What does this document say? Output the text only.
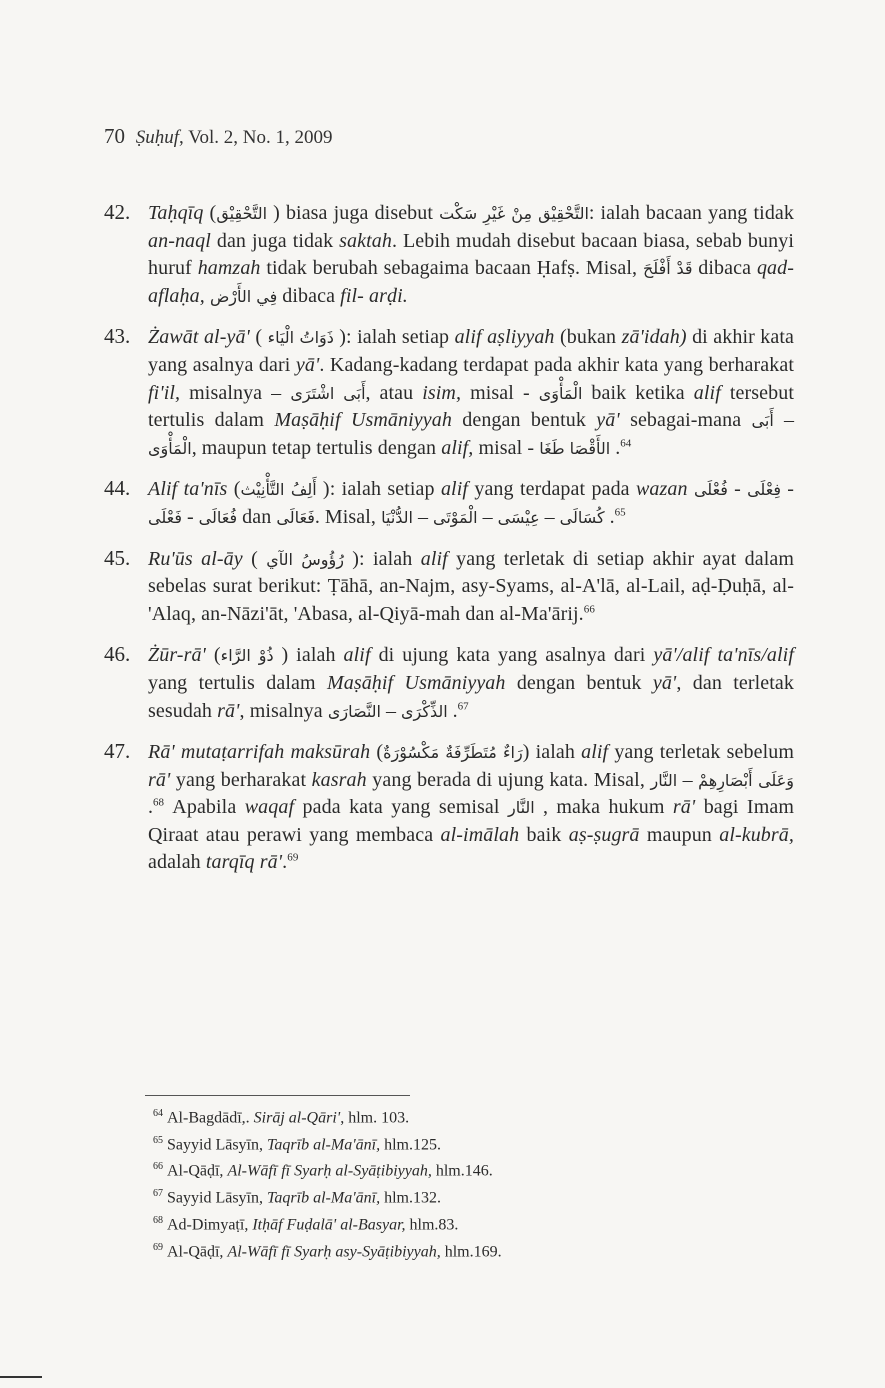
70 Ṣuḥuf, Vol. 2, No. 1, 2009
42. Taḥqīq (التَّحْقِيْق ) biasa juga disebut التَّحْقِيْق مِنْ غَيْرِ سَكْت: ialah bacaan yang tidak an-naql dan juga tidak saktah. Lebih mudah disebut bacaan biasa, sebab bunyi huruf hamzah tidak berubah sebagaima bacaan Ḥafṣ. Misal, قَدْ أَفْلَحَ dibaca qad- aflaḥa, فِي الأَرْض dibaca fil- arḍi.
43. Żawāt al-yā' ( ذَوَاتُ الْيَاء ): ialah setiap alif aṣliyyah (bukan zā'idah) di akhir kata yang asalnya dari yā'. Kadang-kadang terdapat pada akhir kata yang berharakat fi'il, misalnya – اشْتَرَى أَبَى, atau isim, misal - الْمَأْوَى baik ketika alif tersebut tertulis dalam Maṣāḥif Usmāniyyah dengan bentuk yā' sebagai-mana أَبَى – الْمَأْوَى, maupun tetap tertulis dengan alif, misal - طَغَا الأَقْصَا .$^{64}$
44. Alif ta'nīs (أَلِفُ التَّأْنِيْث ): ialah setiap alif yang terdapat pada wazan فُعْلَى - فِعْلَى - فَعْلَى - فُعَالَى dan فَعَالَى. Misal, الدُّنْيَا – الْمَوْتَى – عِيْسَى – كُسَالَى .$^{65}$
45. Ru'ūs al-āy ( رُؤُوسُ الآي ): ialah alif yang terletak di setiap akhir ayat dalam sebelas surat berikut: Ṭāhā, an-Najm, asy-Syams, al-A'lā, al-Lail, aḍ-Ḍuḥā, al-'Alaq, an-Nāzi'āt, 'Abasa, al-Qiyā-mah dan al-Ma'ārij.$^{66}$
46. Żūr-rā' (ذُوْ الرَّاء ) ialah alif di ujung kata yang asalnya dari yā'/alif ta'nīs/alif yang tertulis dalam Maṣāḥif Usmāniyyah dengan bentuk yā', dan terletak sesudah rā', misalnya النَّصَارَى – الذِّكْرَى .$^{67}$
47. Rā' mutaṭarrifah maksūrah (رَاءٌ مُتَطَرِّفَةٌ مَكْسُوْرَةٌ) ialah alif yang terletak sebelum rā' yang berharakat kasrah yang berada di ujung kata. Misal, النَّار – وَعَلَى أَبْصَارِهِمْ .$^{68}$ Apabila waqaf pada kata yang semisal النَّار , maka hukum rā' bagi Imam Qiraat atau perawi yang membaca al-imālah baik aṣ-ṣugrā maupun al-kubrā, adalah tarqīq rā'.$^{69}$
$^{64}$ Al-Bagdādī,. Sirāj al-Qāri', hlm. 103.
$^{65}$ Sayyid Lāsyīn, Taqrīb al-Ma'ānī, hlm.125.
$^{66}$ Al-Qāḍī, Al-Wāfī fī Syarḥ al-Syāṭibiyyah, hlm.146.
$^{67}$ Sayyid Lāsyīn, Taqrīb al-Ma'ānī, hlm.132.
$^{68}$ Ad-Dimyaṭī, Itḥāf Fuḍalā' al-Basyar, hlm.83.
$^{69}$ Al-Qāḍī, Al-Wāfī fī Syarḥ asy-Syāṭibiyyah, hlm.169.
